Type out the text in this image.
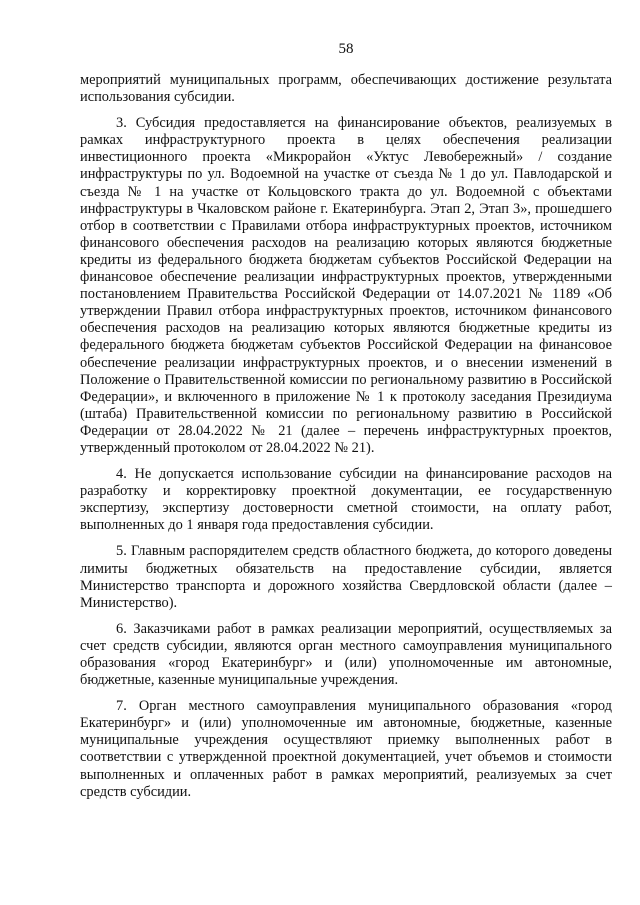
58

мероприятий муниципальных программ, обеспечивающих достижение результата использования субсидии.

3. Субсидия предоставляется на финансирование объектов, реализуемых в рамках инфраструктурного проекта в целях обеспечения реализации инвестиционного проекта «Микрорайон «Уктус Левобережный» / создание инфраструктуры по ул. Водоемной на участке от съезда № 1 до ул. Павлодарской и съезда № 1 на участке от Кольцовского тракта до ул. Водоемной с объектами инфраструктуры в Чкаловском районе г. Екатеринбурга. Этап 2, Этап 3», прошедшего отбор в соответствии с Правилами отбора инфраструктурных проектов, источником финансового обеспечения расходов на реализацию которых являются бюджетные кредиты из федерального бюджета бюджетам субъектов Российской Федерации на финансовое обеспечение реализации инфраструктурных проектов, утвержденными постановлением Правительства Российской Федерации от 14.07.2021 № 1189 «Об утверждении Правил отбора инфраструктурных проектов, источником финансового обеспечения расходов на реализацию которых являются бюджетные кредиты из федерального бюджета бюджетам субъектов Российской Федерации на финансовое обеспечение реализации инфраструктурных проектов, и о внесении изменений в Положение о Правительственной комиссии по региональному развитию в Российской Федерации», и включенного в приложение № 1 к протоколу заседания Президиума (штаба) Правительственной комиссии по региональному развитию в Российской Федерации от 28.04.2022 № 21 (далее – перечень инфраструктурных проектов, утвержденный протоколом от 28.04.2022 № 21).

4. Не допускается использование субсидии на финансирование расходов на разработку и корректировку проектной документации, ее государственную экспертизу, экспертизу достоверности сметной стоимости, на оплату работ, выполненных до 1 января года предоставления субсидии.

5. Главным распорядителем средств областного бюджета, до которого доведены лимиты бюджетных обязательств на предоставление субсидии, является Министерство транспорта и дорожного хозяйства Свердловской области (далее – Министерство).

6. Заказчиками работ в рамках реализации мероприятий, осуществляемых за счет средств субсидии, являются орган местного самоуправления муниципального образования «город Екатеринбург» и (или) уполномоченные им автономные, бюджетные, казенные муниципальные учреждения.

7. Орган местного самоуправления муниципального образования «город Екатеринбург» и (или) уполномоченные им автономные, бюджетные, казенные муниципальные учреждения осуществляют приемку выполненных работ в соответствии с утвержденной проектной документацией, учет объемов и стоимости выполненных и оплаченных работ в рамках мероприятий, реализуемых за счет средств субсидии.
